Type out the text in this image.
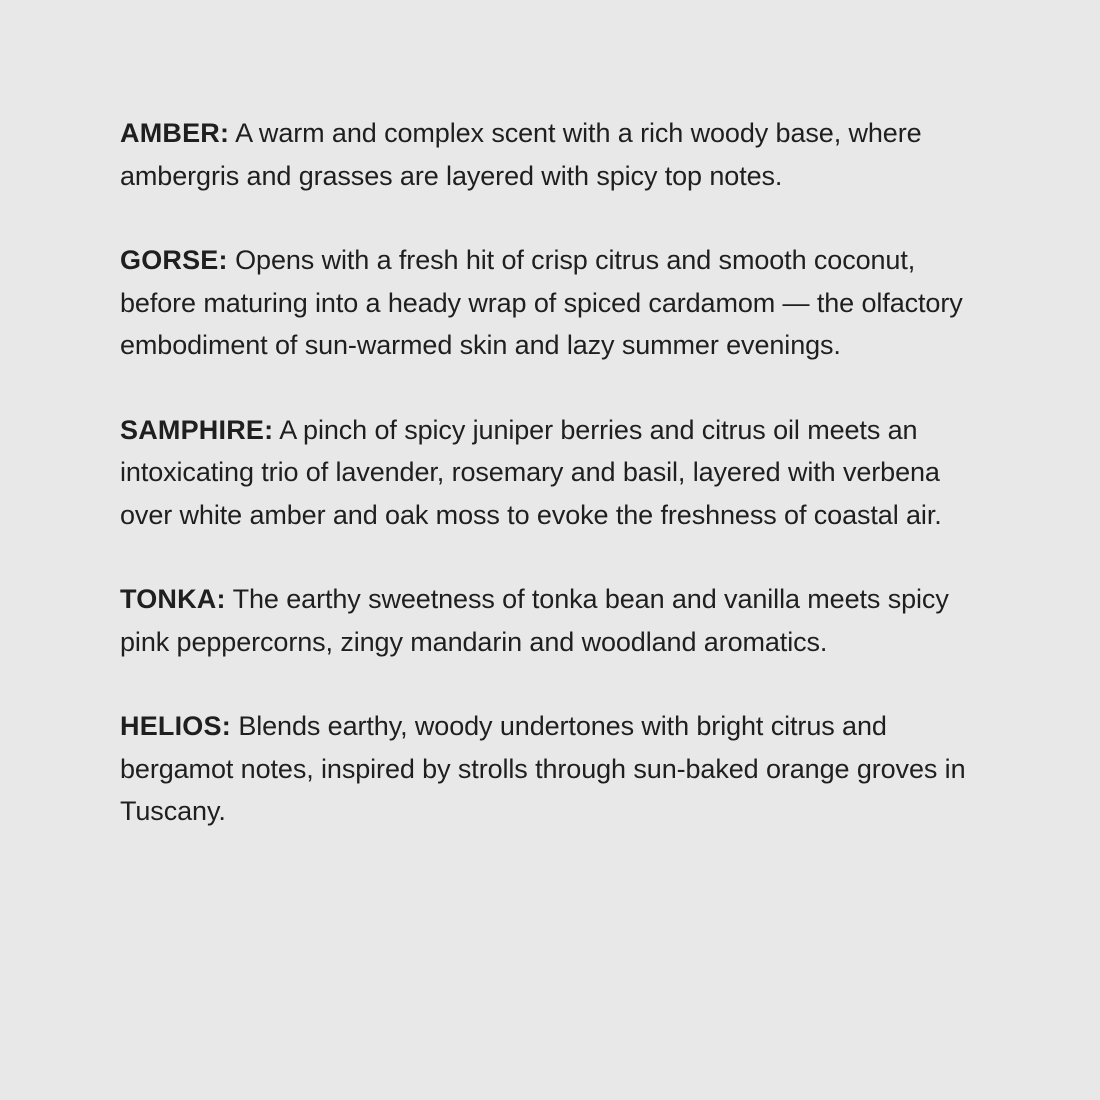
AMBER: A warm and complex scent with a rich woody base, where ambergris and grasses are layered with spicy top notes.

GORSE: Opens with a fresh hit of crisp citrus and smooth coconut, before maturing into a heady wrap of spiced cardamom — the olfactory embodiment of sun-warmed skin and lazy summer evenings.

SAMPHIRE: A pinch of spicy juniper berries and citrus oil meets an intoxicating trio of lavender, rosemary and basil, layered with verbena over white amber and oak moss to evoke the freshness of coastal air.

TONKA: The earthy sweetness of tonka bean and vanilla meets spicy pink peppercorns, zingy mandarin and woodland aromatics.

HELIOS: Blends earthy, woody undertones with bright citrus and bergamot notes, inspired by strolls through sun-baked orange groves in Tuscany.
